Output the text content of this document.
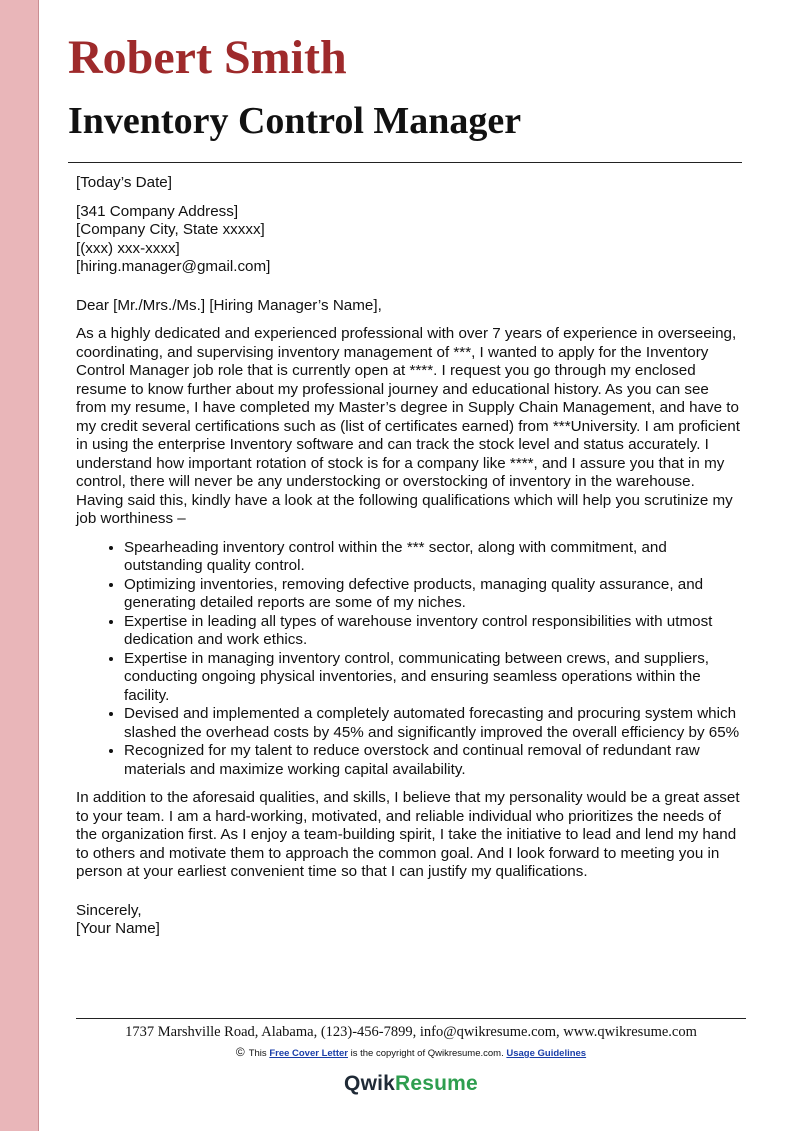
Robert Smith
Inventory Control Manager

[Today’s Date]

[341 Company Address]

[Company City, State xxxxx]

[(xxx) xxx-xxxx]

[hiring.manager@gmail.com]

Dear [Mr./Mrs./Ms.] [Hiring Manager’s Name],

As a highly dedicated and experienced professional with over 7 years of experience in overseeing, coordinating, and supervising inventory management of ***, I wanted to apply for the Inventory Control Manager job role that is currently open at ****. I request you go through my enclosed resume to know further about my professional journey and educational history. As you can see from my resume, I have completed my Master’s degree in Supply Chain Management, and have to my credit several certifications such as (list of certificates earned) from ***University. I am proficient in using the enterprise Inventory software and can track the stock level and status accurately. I understand how important rotation of stock is for a company like ****, and I assure you that in my control, there will never be any understocking or overstocking of inventory in the warehouse. Having said this, kindly have a look at the following qualifications which will help you scrutinize my job worthiness –

• Spearheading inventory control within the *** sector, along with commitment, and outstanding quality control.
• Optimizing inventories, removing defective products, managing quality assurance, and generating detailed reports are some of my niches.
• Expertise in leading all types of warehouse inventory control responsibilities with utmost dedication and work ethics.
• Expertise in managing inventory control, communicating between crews, and suppliers, conducting ongoing physical inventories, and ensuring seamless operations within the facility.
• Devised and implemented a completely automated forecasting and procuring system which slashed the overhead costs by 45% and significantly improved the overall efficiency by 65%
• Recognized for my talent to reduce overstock and continual removal of redundant raw materials and maximize working capital availability.

In addition to the aforesaid qualities, and skills, I believe that my personality would be a great asset to your team. I am a hard-working, motivated, and reliable individual who prioritizes the needs of the organization first. As I enjoy a team-building spirit, I take the initiative to lead and lend my hand to others and motivate them to approach the common goal. And I look forward to meeting you in person at your earliest convenient time so that I can justify my qualifications.

Sincerely,

[Your Name]

1737 Marshville Road, Alabama, (123)-456-7899, info@qwikresume.com, www.qwikresume.com
© This Free Cover Letter is the copyright of Qwikresume.com. Usage Guidelines
QwikResume
